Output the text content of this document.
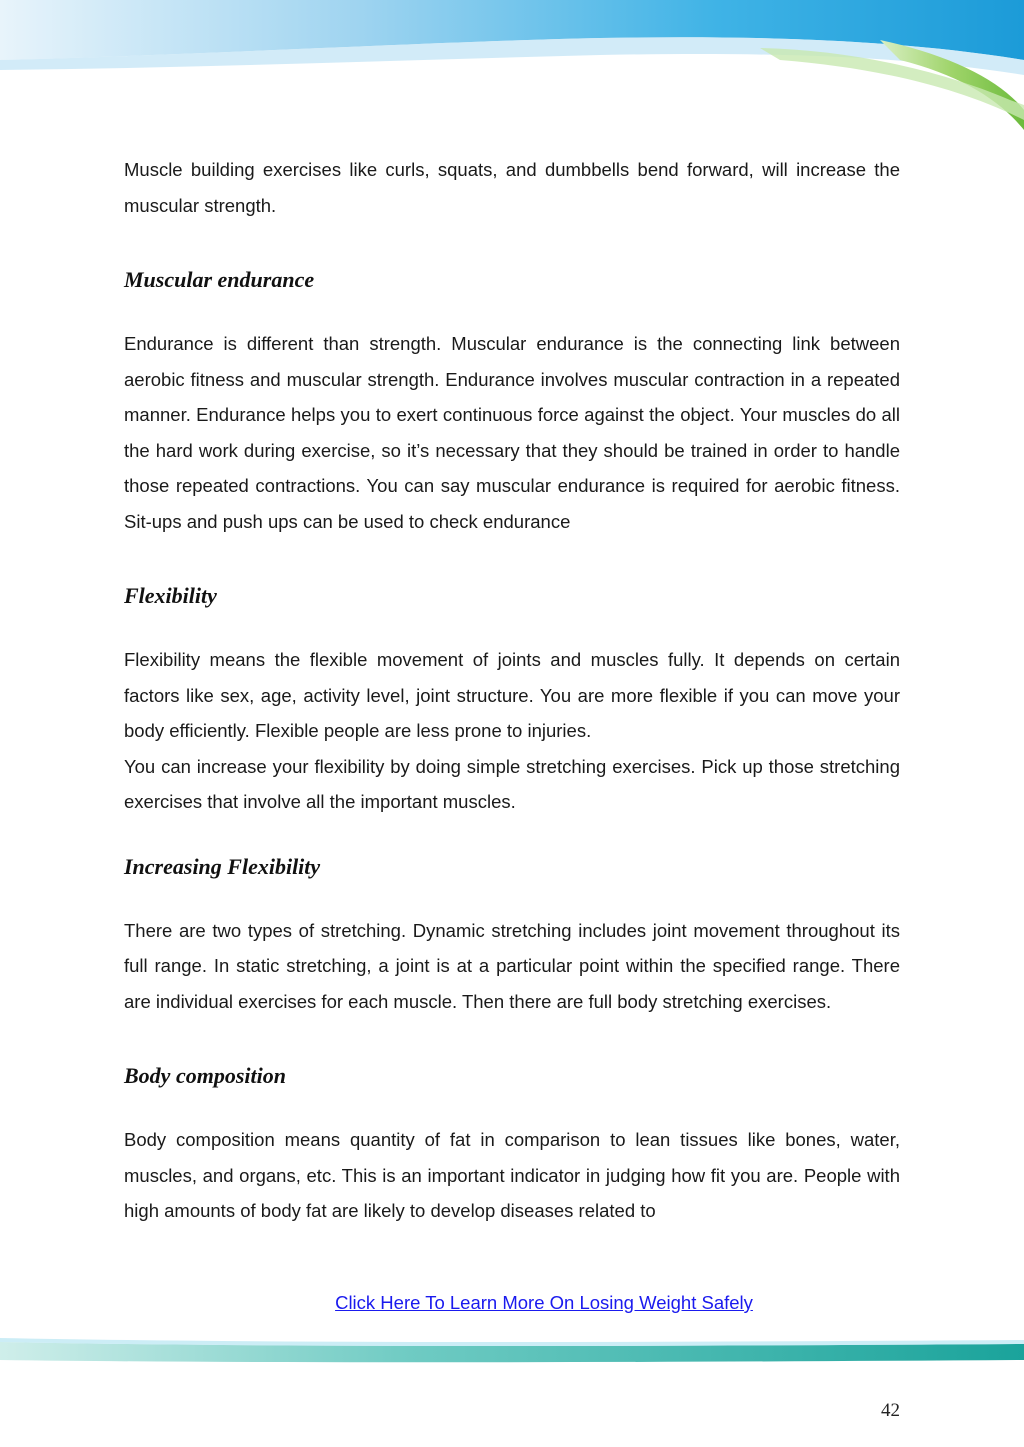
Muscle building exercises like curls, squats, and dumbbells bend forward, will increase the muscular strength.

Muscular endurance

Endurance is different than strength. Muscular endurance is the connecting link between aerobic fitness and muscular strength. Endurance involves muscular contraction in a repeated manner. Endurance helps you to exert continuous force against the object. Your muscles do all the hard work during exercise, so it’s necessary that they should be trained in order to handle those repeated contractions. You can say muscular endurance is required for aerobic fitness. Sit-ups and push ups can be used to check endurance

Flexibility

Flexibility means the flexible movement of joints and muscles fully. It depends on certain factors like sex, age, activity level, joint structure. You are more flexible if you can move your body efficiently. Flexible people are less prone to injuries.

You can increase your flexibility by doing simple stretching exercises. Pick up those stretching exercises that involve all the important muscles.

Increasing Flexibility

There are two types of stretching. Dynamic stretching includes joint movement throughout its full range. In static stretching, a joint is at a particular point within the specified range. There are individual exercises for each muscle. Then there are full body stretching exercises.

Body composition

Body composition means quantity of fat in comparison to lean tissues like bones, water, muscles, and organs, etc. This is an important indicator in judging how fit you are. People with high amounts of body fat are likely to develop diseases related to

Click Here To Learn More On Losing Weight Safely
42
